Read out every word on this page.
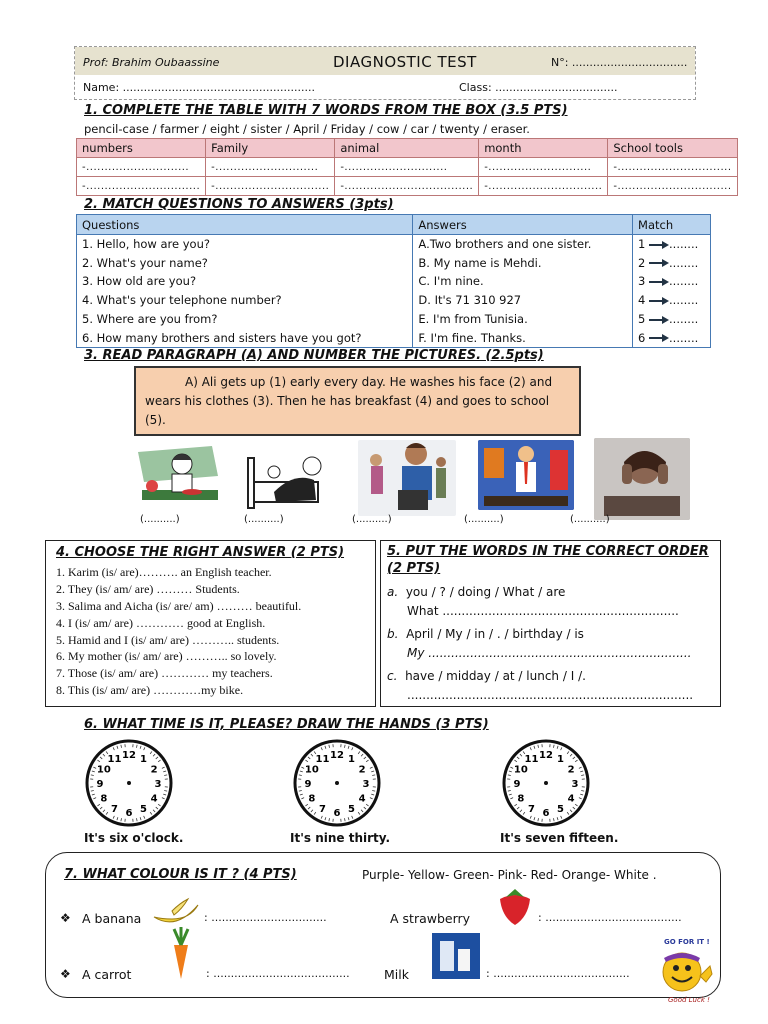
Prof: Brahim Oubaassine	DIAGNOSTIC TEST	N°: .................................
Name: .......................................................	Class: ...................................
1. COMPLETE THE TABLE WITH 7 WORDS FROM THE BOX (3.5 PTS)
pencil-case / farmer / eight / sister / April / Friday / cow / car / twenty / eraser.
numbers	Family	animal	month	School tools
-............................	-............................	-............................	-............................	-...............................
-...............................	-...............................	-...................................	-...............................	-...............................
2. MATCH QUESTIONS TO ANSWERS (3pts)
Questions	Answers	Match
1. Hello, how are you?	A.Two brothers and one sister.	1 ........
2. What's your name?	B. My name is Mehdi.	2 ........
3. How old are you?	C. I'm nine.	3 ........
4. What's your telephone number?	D. It's 71 310 927	4 ........
5. Where are you from?	E. I'm from Tunisia.	5 ........
6. How many brothers and sisters have you got?	F. I'm fine. Thanks.	6 ........
3. READ PARAGRAPH (A) AND NUMBER THE PICTURES. (2.5pts)
A) Ali gets up (1) early every day. He washes his face (2) and wears his clothes (3). Then he has breakfast (4) and goes to school (5).
(..........)	(..........)	(..........)	(..........)	(..........)
4. CHOOSE THE RIGHT ANSWER (2 PTS)
1. Karim (is/ are)………. an English teacher.
2. They (is/ am/ are) ……… Students.
3. Salima and Aicha (is/ are/ am) ……… beautiful.
4. I (is/ am/ are) ………… good at English.
5. Hamid and I (is/ am/ are) ……….. students.
6. My mother (is/ am/ are) ……….. so lovely.
7. Those (is/ am/ are) ………… my teachers.
8. This (is/ am/ are) …………my bike.
5. PUT THE WORDS IN THE CORRECT ORDER (2 PTS)
a. you / ? / doing / What / are
What ..............................................................
b. April / My / in / . / birthday / is
My .....................................................................
c. have / midday / at / lunch / I /.
...........................................................................
6. WHAT TIME IS IT, PLEASE? DRAW THE HANDS (3 PTS)
12 1
2
3
4
5
6
7
8
9
10
11	12 1
2
3
4
5
6
7
8
9
10
11	12 1
2
3
4
5
6
7
8
9
10
11
It's six o'clock.	It's nine thirty.	It's seven fifteen.
7. WHAT COLOUR IS IT ? (4 PTS)	Purple- Yellow- Green- Pink- Red- Orange- White .
❖ A banana	: .................................	A strawberry	: .......................................
❖ A carrot	: .......................................	Milk	: .......................................
GO FOR IT !
Good Luck !
